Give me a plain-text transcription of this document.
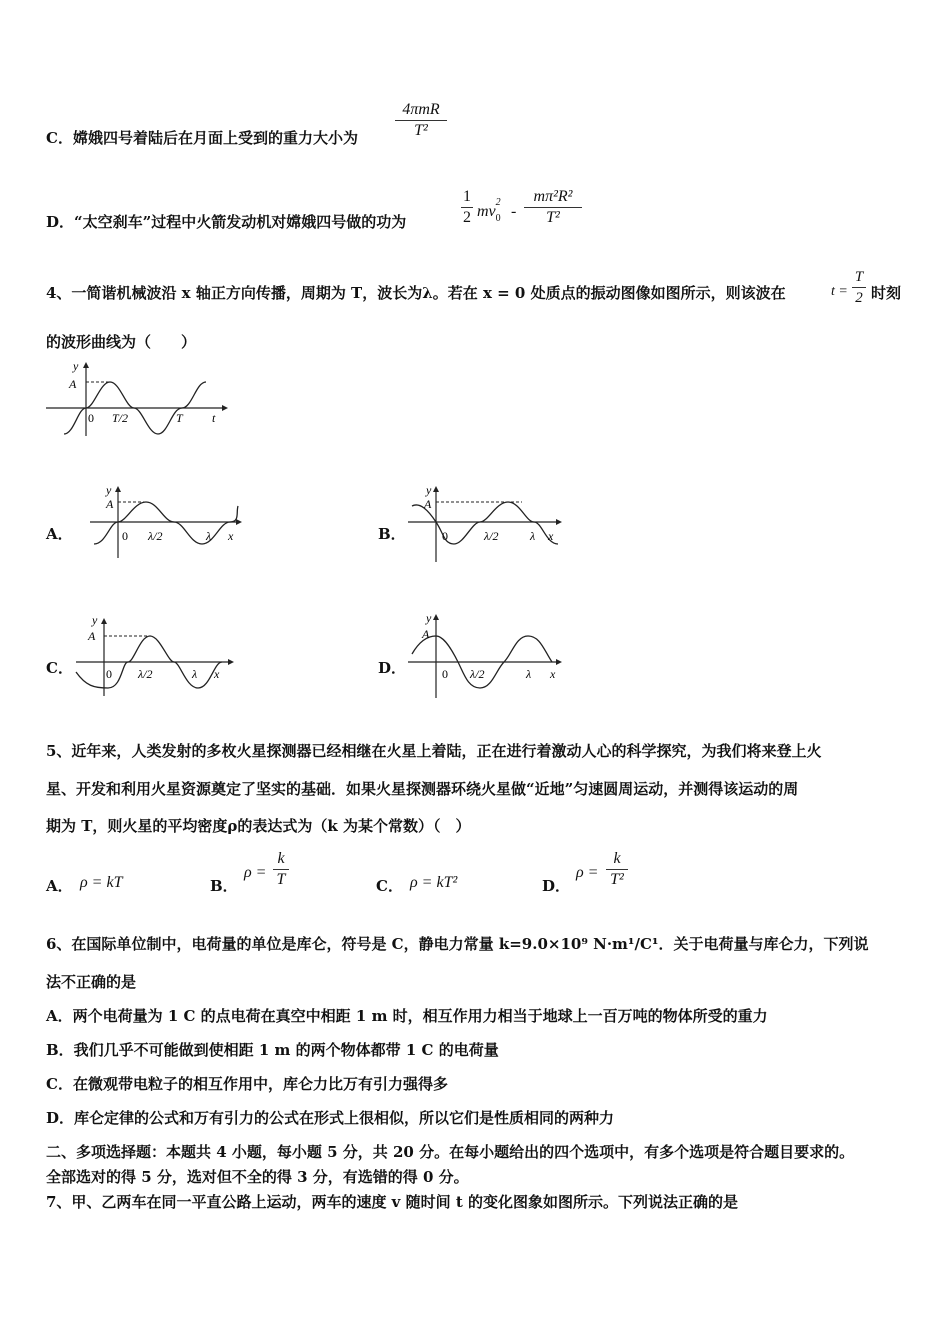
C．嫦娥四号着陆后在月面上受到的重力大小为
4πmR
T²
D．“太空刹车”过程中火箭发动机对嫦娥四号做的功为
1
2 mv
2
0 -
mπ²R²
T²
4、一简谐机械波沿 x 轴正方向传播，周期为 T，波长为λ。若在 x = 0 处质点的振动图像如图所示，则该波在	t =
T
2 时刻
的波形曲线为（　　）
y
A
0 T/2	T t
A．
y
A
0 λ/2	λ x	B．
y
A
0	λ/2	λ x
C．
y
A
0 λ/2	λ x	D．
y
A
0 λ/2	λ x
5、近年来，人类发射的多枚火星探测器已经相继在火星上着陆，正在进行着激动人心的科学探究，为我们将来登上火
星、开发和利用火星资源奠定了坚实的基础．如果火星探测器环绕火星做“近地”匀速圆周运动，并测得该运动的周
期为 T，则火星的平均密度ρ的表达式为（k 为某个常数）（　）
A． ρ = kT	B．
ρ =
k
T	C． ρ = kT²	D．
ρ =
k
T²
6、在国际单位制中，电荷量的单位是库仑，符号是 C，静电力常量 k=9.0×10⁹ N·m¹/C¹．关于电荷量与库仑力，下列说
法不正确的是
A．两个电荷量为 1 C 的点电荷在真空中相距 1 m 时，相互作用力相当于地球上一百万吨的物体所受的重力
B．我们几乎不可能做到使相距 1 m 的两个物体都带 1 C 的电荷量
C．在微观带电粒子的相互作用中，库仑力比万有引力强得多
D．库仑定律的公式和万有引力的公式在形式上很相似，所以它们是性质相同的两种力
二、多项选择题：本题共 4 小题，每小题 5 分，共 20 分。在每小题给出的四个选项中，有多个选项是符合题目要求的。
全部选对的得 5 分，选对但不全的得 3 分，有选错的得 0 分。
7、甲、乙两车在同一平直公路上运动，两车的速度 v 随时间 t 的变化图象如图所示。下列说法正确的是
